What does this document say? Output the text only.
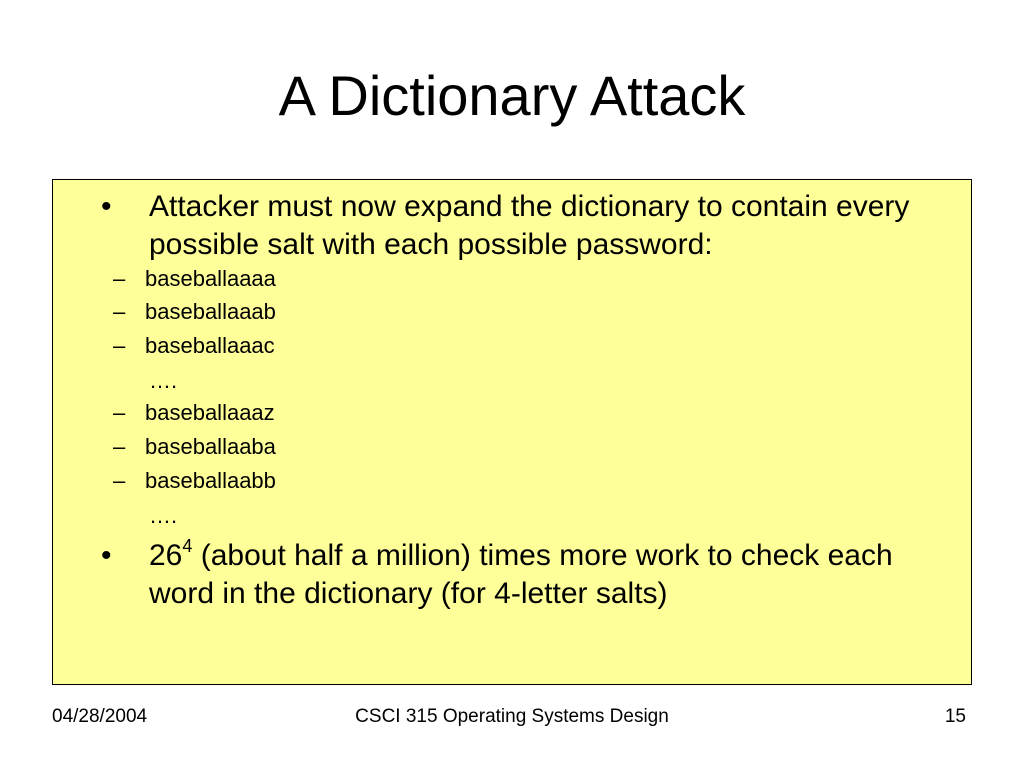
A Dictionary Attack
•	Attacker must now expand the dictionary to contain every possible salt with each possible password:
– baseballaaaa
– baseballaaab
– baseballaaac
….
– baseballaaaz
– baseballaaba
– baseballaabb
….
•	$26^4$ (about half a million) times more work to check each word in the dictionary (for 4-letter salts)
04/28/2004	CSCI 315 Operating Systems Design	15
